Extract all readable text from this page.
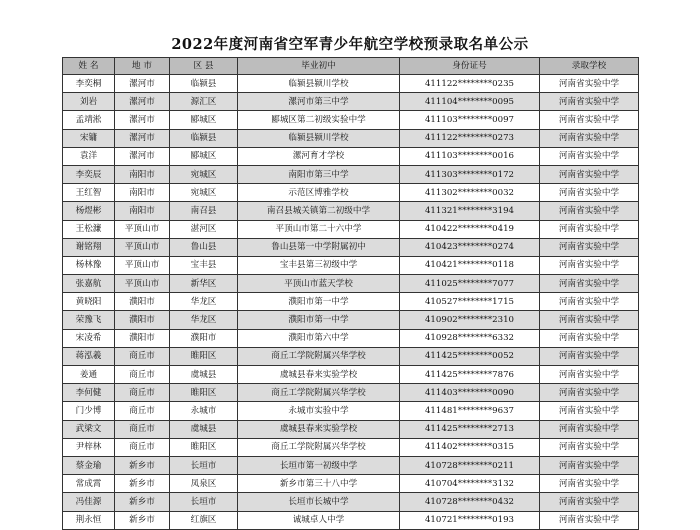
2022年度河南省空军青少年航空学校预录取名单公示
姓 名	地 市	区 县	毕业初中	身份证号	录取学校
李奕桐	漯河市	临颍县	临颍县颍川学校	411122********0235	河南省实验中学
刘岩	漯河市	源汇区	漯河市第三中学	411104********0095	河南省实验中学
孟靖淞	漯河市	郾城区	郾城区第二初级实验中学	411103********0097	河南省实验中学
宋镛	漯河市	临颍县	临颍县颍川学校	411122********0273	河南省实验中学
袁洋	漯河市	郾城区	漯河育才学校	411103********0016	河南省实验中学
李奕辰	南阳市	宛城区	南阳市第三中学	411303********0172	河南省实验中学
王红智	南阳市	宛城区	示范区博雅学校	411302********0032	河南省实验中学
杨煜彬	南阳市	南召县	南召县城关镇第二初级中学	411321********3194	河南省实验中学
王松濂	平顶山市	湛河区	平顶山市第二十六中学	410422********0419	河南省实验中学
谢铭翔	平顶山市	鲁山县	鲁山县第一中学附属初中	410423********0274	河南省实验中学
杨林豫	平顶山市	宝丰县	宝丰县第三初级中学	410421********0118	河南省实验中学
张嘉航	平顶山市	新华区	平顶山市蓝天学校	411025********7077	河南省实验中学
黄晓阳	濮阳市	华龙区	濮阳市第一中学	410527********1715	河南省实验中学
荣豫飞	濮阳市	华龙区	濮阳市第一中学	410902********2310	河南省实验中学
宋凌希	濮阳市	濮阳市	濮阳市第六中学	410928********6332	河南省实验中学
蒋泓羲	商丘市	睢阳区	商丘工学院附属兴华学校	411425********0052	河南省实验中学
姜通	商丘市	虞城县	虞城县春来实验学校	411425********7876	河南省实验中学
李何健	商丘市	睢阳区	商丘工学院附属兴华学校	411403********0090	河南省实验中学
门少博	商丘市	永城市	永城市实验中学	411481********9637	河南省实验中学
武梁文	商丘市	虞城县	虞城县春来实验学校	411425********2713	河南省实验中学
尹梓林	商丘市	睢阳区	商丘工学院附属兴华学校	411402********0315	河南省实验中学
蔡金瑜	新乡市	长垣市	长垣市第一初级中学	410728********0211	河南省实验中学
常成霄	新乡市	凤泉区	新乡市第三十八中学	410704********3132	河南省实验中学
冯佳源	新乡市	长垣市	长垣市长城中学	410728********0432	河南省实验中学
荆永恒	新乡市	红旗区	诚城卓人中学	410721********0193	河南省实验中学
